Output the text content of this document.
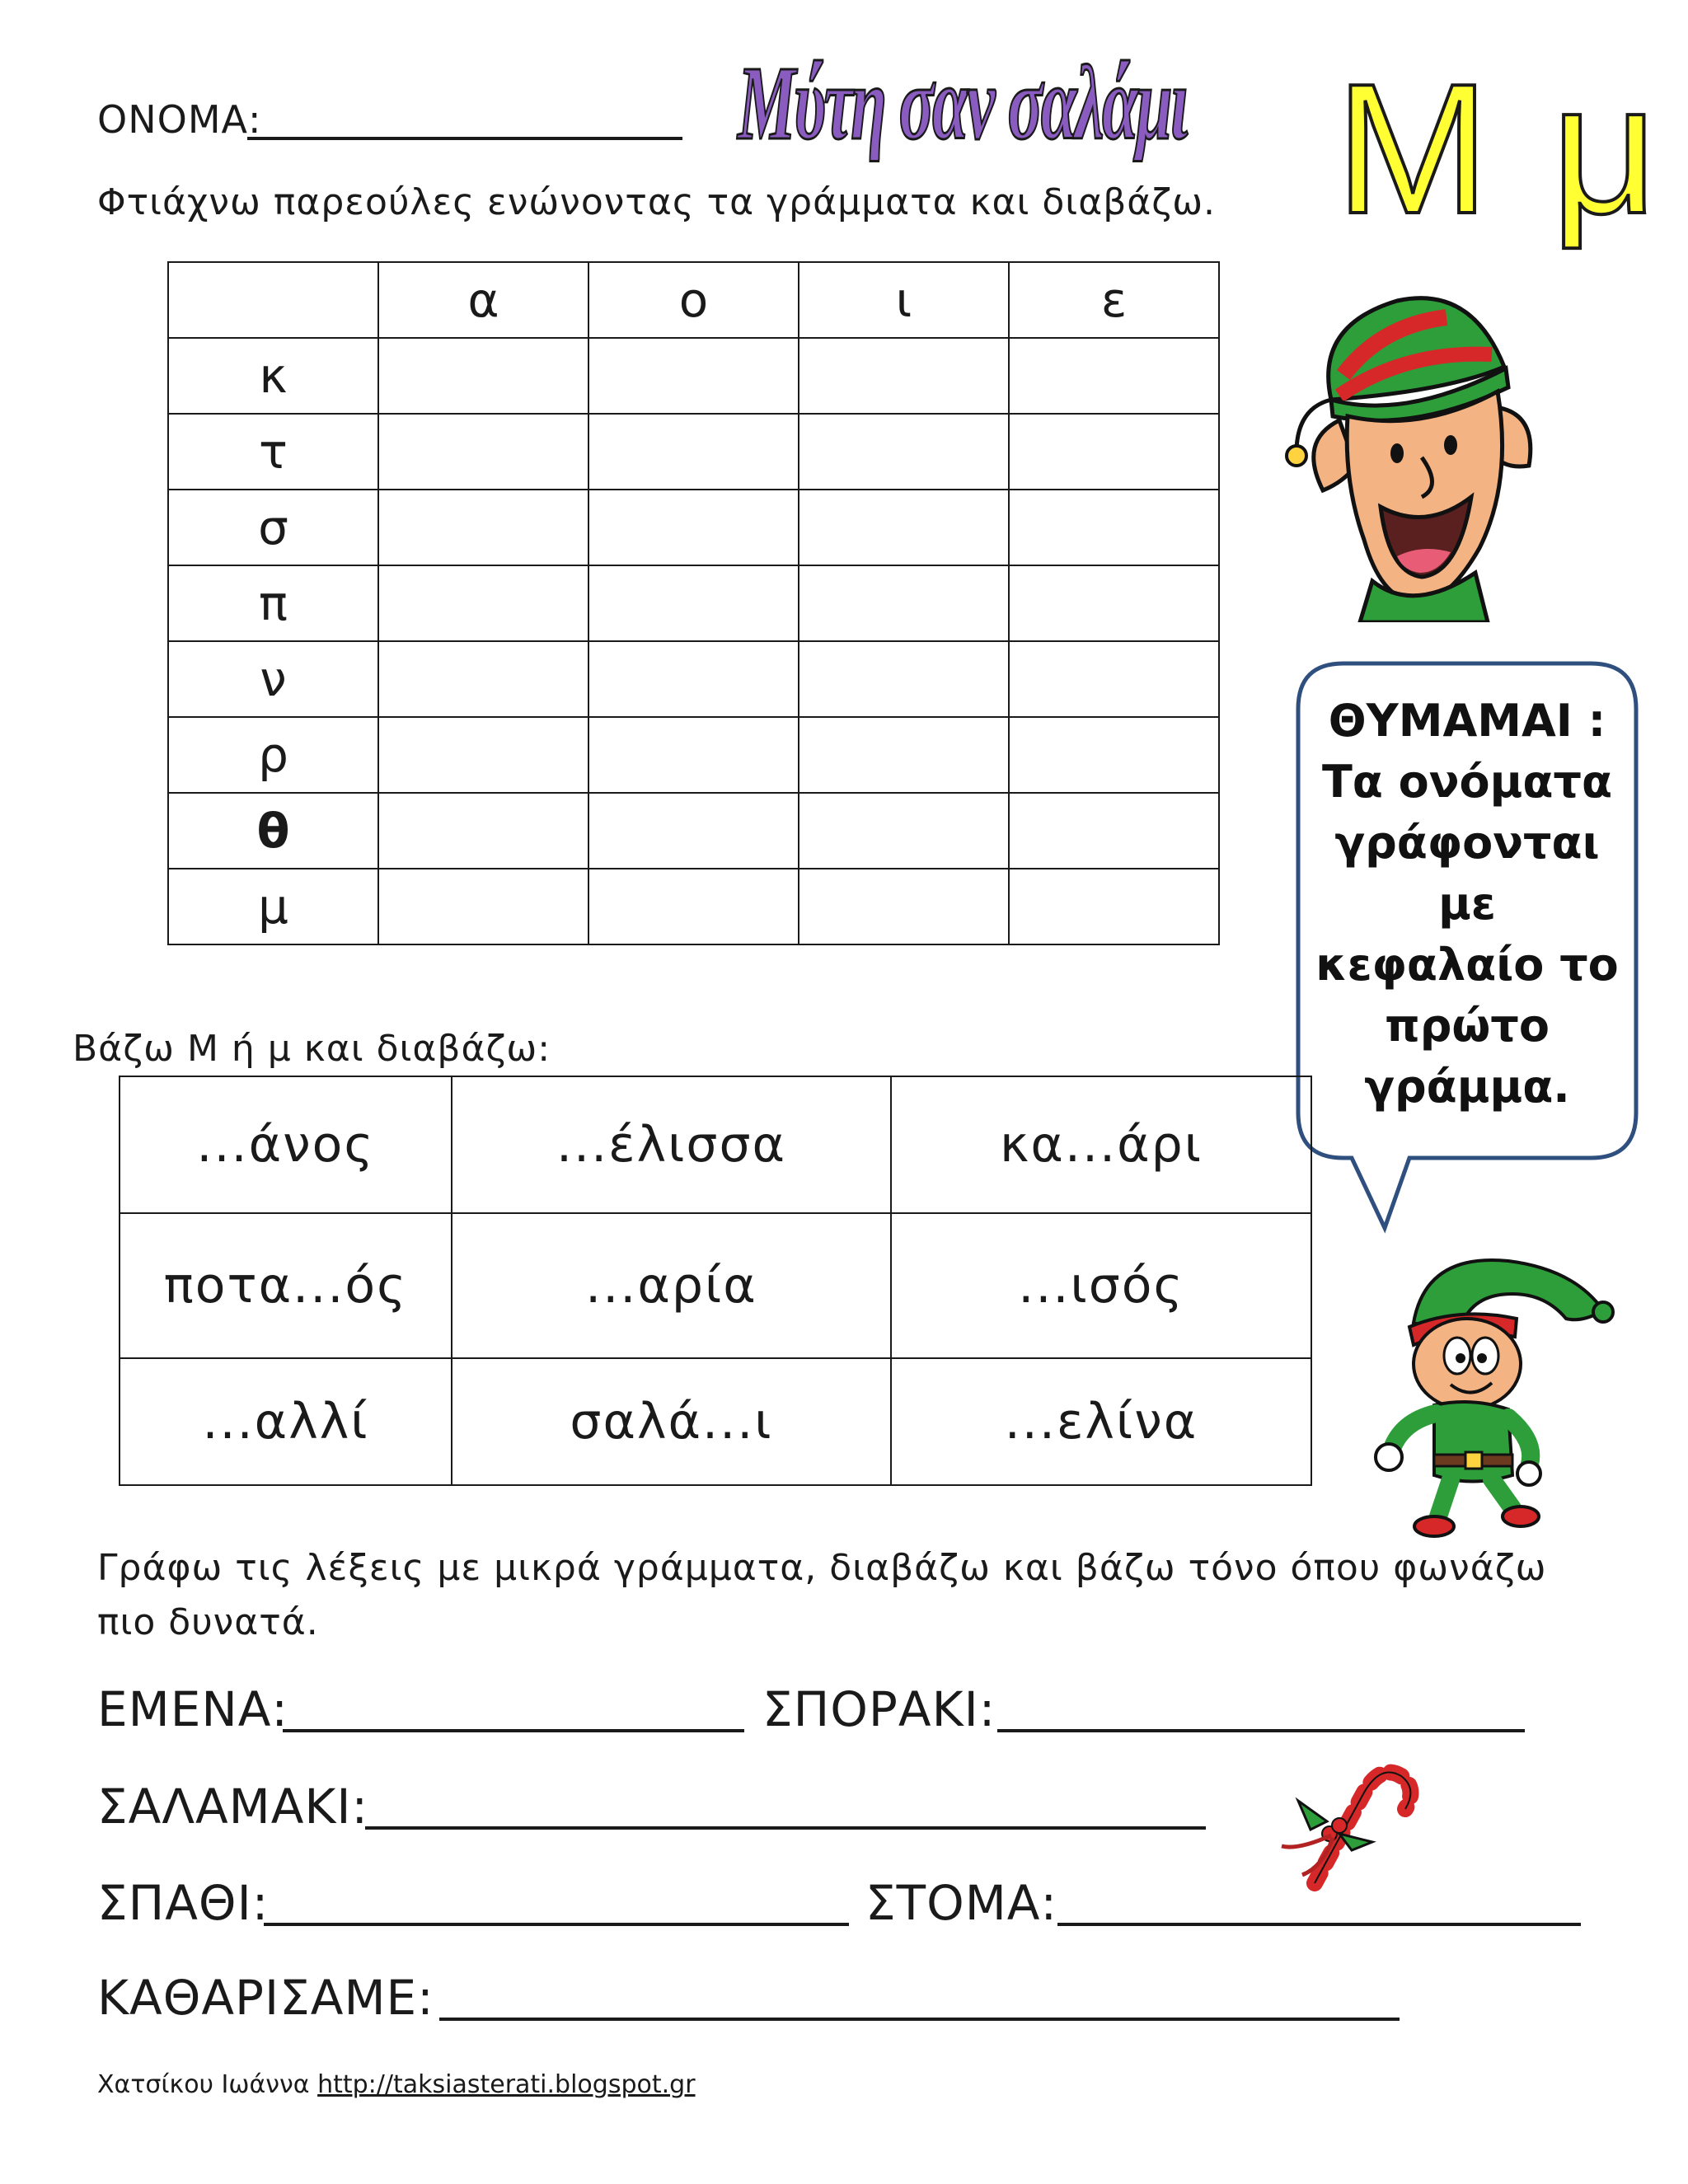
ΟΝΟΜΑ:	Μύτη σαν σαλάμι Μ μ
Φτιάχνω παρεούλες ενώνοντας τα γράμματα και διαβάζω.
	α	ο	ι	ε
κ				
τ				
σ				
π				
ν				
ρ				
θ				
μ				
ΘΥΜΑΜΑΙ :
Τα ονόματα
γράφονται
με
κεφαλαίο το
πρώτο
γράμμα.
Βάζω Μ ή μ και διαβάζω:
...άνος	...έλισσα	κα...άρι
ποτα...ός	...αρία	...ισός
...αλλί	σαλά...ι	...ελίνα
Γράφω τις λέξεις με μικρά γράμματα, διαβάζω και βάζω τόνο όπου φωνάζω πιο δυνατά.
ΕΜΕΝΑ:	ΣΠΟΡΑΚΙ:
ΣΑΛΑΜΑΚΙ:
ΣΠΑΘΙ:	ΣΤΟΜΑ:
ΚΑΘΑΡΙΣΑΜΕ:
Χατσίκου Ιωάννα http://taksiasterati.blogspot.gr
